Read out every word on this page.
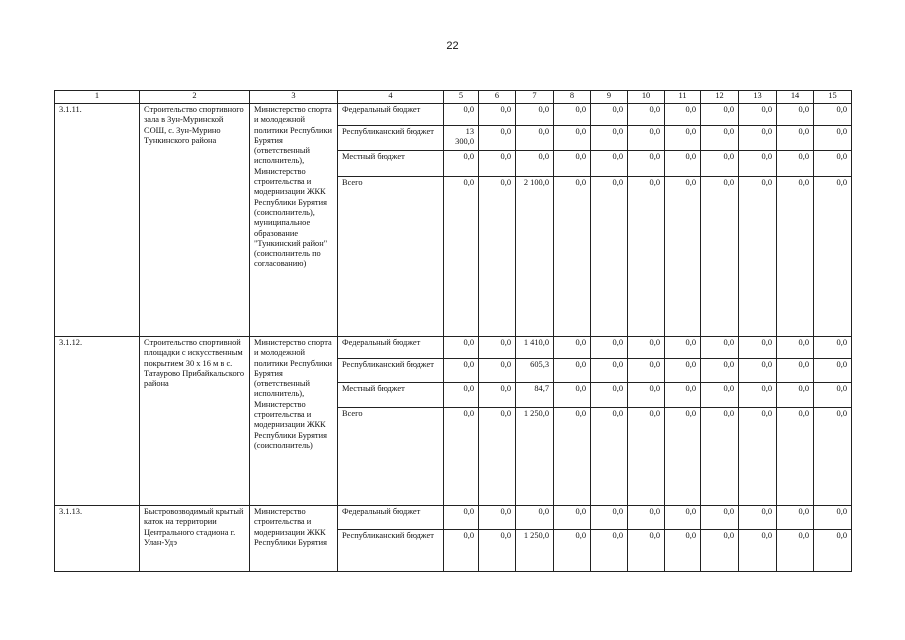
22
1	2	3	4	5	6	7	8	9	10	11	12	13	14	15
3.1.11.	Строительство спортивного зала в Зун-Муринской СОШ, с. Зун-Мурино Тункинского района	Министерство спорта и молодежной политики Республики Бурятия (ответственный исполнитель), Министерство строительства и модернизации ЖКК Республики Бурятия (соисполнитель), муниципальное образование "Тункинский район" (соисполнитель по согласованию)	Федеральный бюджет	0,0	0,0	0,0	0,0	0,0	0,0	0,0	0,0	0,0	0,0	0,0
			Республиканский бюджет	13 300,0	0,0	0,0	0,0	0,0	0,0	0,0	0,0	0,0	0,0	0,0
			Местный бюджет	0,0	0,0	0,0	0,0	0,0	0,0	0,0	0,0	0,0	0,0	0,0
			Всего	0,0	0,0	2 100,0	0,0	0,0	0,0	0,0	0,0	0,0	0,0	0,0
3.1.12.	Строительство спортивной площадки с искусственным покрытием 30 х 16 м в с. Татаурово Прибайкальского района	Министерство спорта и молодежной политики Республики Бурятия (ответственный исполнитель), Министерство строительства и модернизации ЖКК Республики Бурятия (соисполнитель)	Федеральный бюджет	0,0	0,0	1 410,0	0,0	0,0	0,0	0,0	0,0	0,0	0,0	0,0
			Республиканский бюджет	0,0	0,0	605,3	0,0	0,0	0,0	0,0	0,0	0,0	0,0	0,0
			Местный бюджет	0,0	0,0	84,7	0,0	0,0	0,0	0,0	0,0	0,0	0,0	0,0
			Всего	0,0	0,0	1 250,0	0,0	0,0	0,0	0,0	0,0	0,0	0,0	0,0
3.1.13.	Быстровозводимый крытый каток на территории Центрального стадиона г. Улан-Удэ	Министерство строительства и модернизации ЖКК Республики Бурятия	Федеральный бюджет	0,0	0,0	0,0	0,0	0,0	0,0	0,0	0,0	0,0	0,0	0,0
			Республиканский бюджет	0,0	0,0	1 250,0	0,0	0,0	0,0	0,0	0,0	0,0	0,0	0,0
